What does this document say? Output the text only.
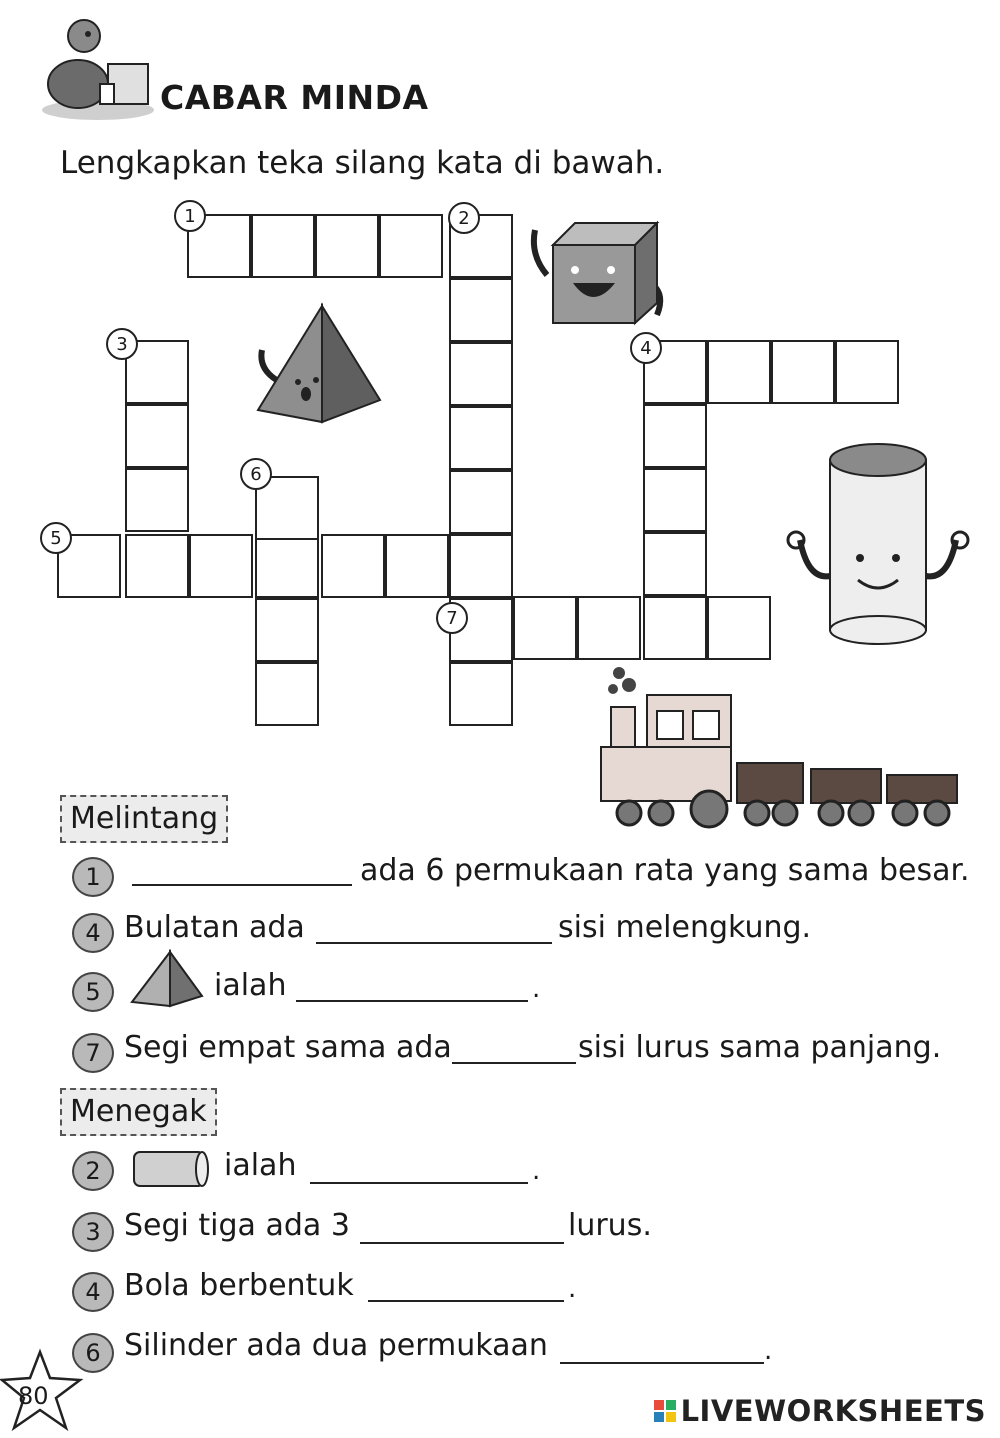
CABAR MINDA
Lengkapkan teka silang kata di bawah.
1	2
3	4
5
6
7
Melintang
1	ada 6 permukaan rata yang sama besar.
4 Bulatan ada	sisi melengkung.
5	ialah	.
7 Segi empat sama ada	sisi lurus sama panjang.
Menegak
2	ialah	.
3 Segi tiga ada 3	lurus.
4 Bola berbentuk	.
6 Silinder ada dua permukaan	.
80	LIVEWORKSHEETS
